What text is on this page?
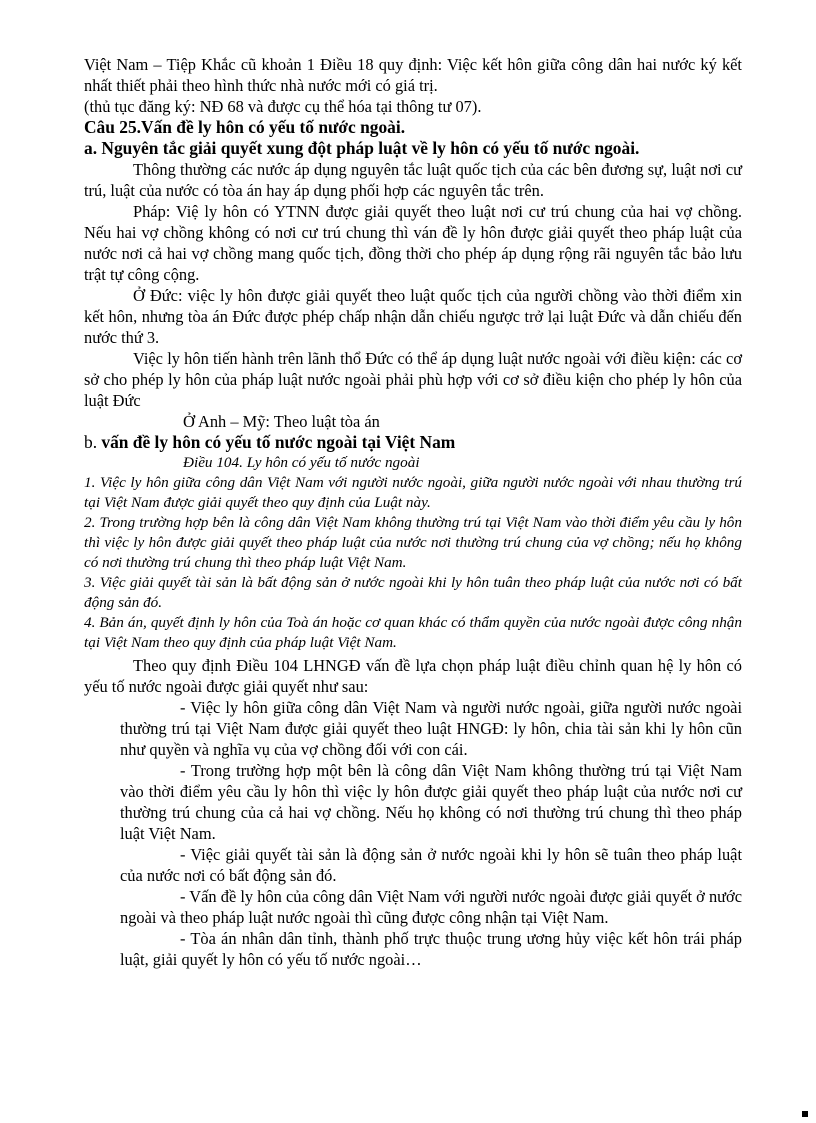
Việt Nam – Tiệp Khắc cũ khoản 1 Điều 18 quy định: Việc kết hôn giữa công dân hai nước ký kết nhất thiết phải theo hình thức nhà nước mới có giá trị.

(thủ tục đăng ký: NĐ 68 và được cụ thể hóa tại thông tư 07).

Câu 25.Vấn đề ly hôn có yếu tố nước ngoài.

a. Nguyên tắc giải quyết xung đột pháp luật về ly hôn có yếu tố nước ngoài.

Thông thường các nước áp dụng nguyên tắc luật quốc tịch của các bên đương sự, luật nơi cư trú, luật của nước có tòa án hay áp dụng phối hợp các nguyên tắc trên.

Pháp: Việ ly hôn có YTNN được giải quyết theo luật nơi cư trú chung của hai vợ chồng. Nếu hai vợ chồng không có nơi cư trú chung thì ván đề ly hôn được giải quyết theo pháp luật của nước nơi cả hai vợ chồng mang quốc tịch, đồng thời cho phép áp dụng rộng rãi nguyên tắc bảo lưu trật tự công cộng.

Ở Đức: việc ly hôn được giải quyết theo luật quốc tịch của người chồng vào thời điểm xin kết hôn, nhưng tòa án Đức được phép chấp nhận dẫn chiếu ngược trở lại luật Đức và dẫn chiếu đến nước thứ 3.

Việc ly hôn tiến hành trên lãnh thổ Đức có thể áp dụng luật nước ngoài với điều kiện: các cơ sở cho phép ly hôn của pháp luật nước ngoài phải phù hợp với cơ sở điều kiện cho phép ly hôn của luật Đức

Ở Anh – Mỹ: Theo luật tòa án

b. vấn đề ly hôn có yếu tố nước ngoài tại Việt Nam

Điều 104. Ly hôn có yếu tố nước ngoài

1. Việc ly hôn giữa công dân Việt Nam với người nước ngoài, giữa người nước ngoài với nhau thường trú tại Việt Nam được giải quyết theo quy định của Luật này.

2. Trong trường hợp bên là công dân Việt Nam không thường trú tại Việt Nam vào thời điểm yêu cầu ly hôn thì việc ly hôn được giải quyết theo pháp luật của nước nơi thường trú chung của vợ chồng; nếu họ không có nơi thường trú chung thì theo pháp luật Việt Nam.

3. Việc giải quyết tài sản là bất động sản ở nước ngoài khi ly hôn tuân theo pháp luật của nước nơi có bất động sản đó.

4. Bản án, quyết định ly hôn của Toà án hoặc cơ quan khác có thẩm quyền của nước ngoài được công nhận tại Việt Nam theo quy định của pháp luật Việt Nam.

Theo quy định Điều 104 LHNGĐ vấn đề lựa chọn pháp luật điều chỉnh quan hệ ly hôn có yếu tố nước ngoài được giải quyết như sau:

- Việc ly hôn giữa công dân Việt Nam và người nước ngoài, giữa người nước ngoài thường trú tại Việt Nam được giải quyết theo luật HNGĐ: ly hôn, chia tài sản khi ly hôn cũn như quyền và nghĩa vụ của vợ chồng đối với con cái.

- Trong trường hợp một bên là công dân Việt Nam không thường trú tại Việt Nam vào thời điểm yêu cầu ly hôn thì việc ly hôn được giải quyết theo pháp luật của nước nơi cư thường trú chung của cả hai vợ chồng. Nếu họ không có nơi thường trú chung thì theo pháp luật Việt Nam.

- Việc giải quyết tài sản là động sản ở nước ngoài khi ly hôn sẽ tuân theo pháp luật của nước nơi có bất động sản đó.

- Vấn đề ly hôn của công dân Việt Nam với người nước ngoài được giải quyết ở nước ngoài và theo pháp luật nước ngoài thì cũng được công nhận tại Việt Nam.

- Tòa án nhân dân tỉnh, thành phố trực thuộc trung ương hủy việc kết hôn trái pháp luật, giải quyết ly hôn có yếu tố nước ngoài…
